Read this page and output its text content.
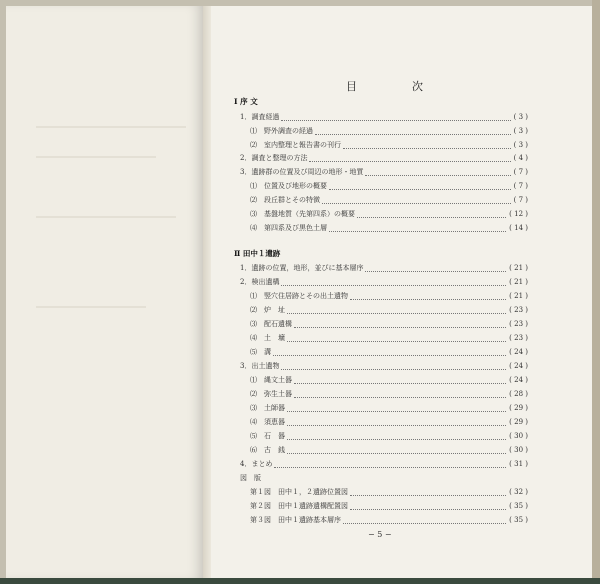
目	次
Ⅰ 序 文
1．調査経過	( 3 )
⑴　野外調査の経過	( 3 )
⑵　室内整理と報告書の刊行	( 3 )
2．調査と整理の方法	( 4 )
3．遺跡群の位置及び周辺の地形・地質	( 7 )
⑴　位置及び地形の概要	( 7 )
⑵　段丘群とその特徴	( 7 )
⑶　基盤地質（先第四系）の概要	( 12 )
⑷　第四系及び黒色土層	( 14 )
Ⅱ 田中１遺跡
1．遺跡の位置，地形，並びに基本層序	( 21 )
2．検出遺構	( 21 )
⑴　竪穴住居跡とその出土遺物	( 21 )
⑵　炉　址	( 23 )
⑶　配石遺構	( 23 )
⑷　土　壙	( 23 )
⑸　溝	( 24 )
3．出土遺物	( 24 )
⑴　縄文土器	( 24 )
⑵　弥生土器	( 28 )
⑶　土師器	( 29 )
⑷　須恵器	( 29 )
⑸　石　器	( 30 )
⑹　古　銭	( 30 )
4．まとめ	( 31 )
図　版
第１図　田中１，２遺跡位置図	( 32 )
第２図　田中１遺跡遺構配置図	( 35 )
第３図　田中１遺跡基本層序	( 35 )
− 5 −
